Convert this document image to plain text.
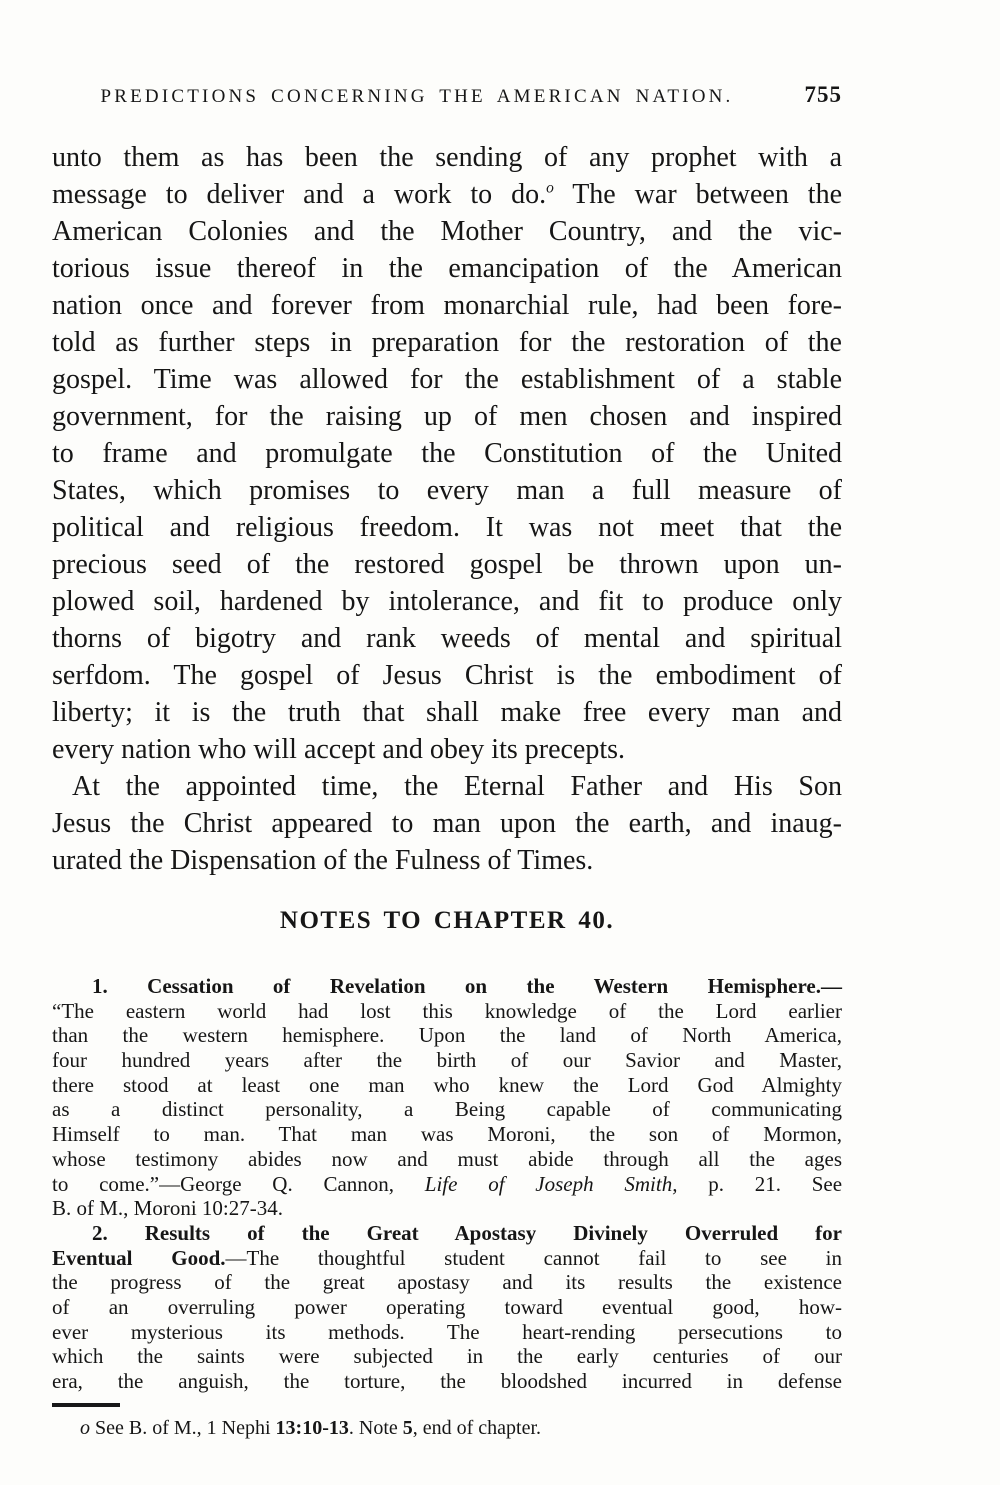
PREDICTIONS CONCERNING THE AMERICAN NATION.	755
unto them as has been the sending of any prophet with a
message to deliver and a work to do.$^o$ The war between the
American Colonies and the Mother Country, and the vic-
torious issue thereof in the emancipation of the American
nation once and forever from monarchial rule, had been fore-
told as further steps in preparation for the restoration of the
gospel. Time was allowed for the establishment of a stable
government, for the raising up of men chosen and inspired
to frame and promulgate the Constitution of the United
States, which promises to every man a full measure of
political and religious freedom. It was not meet that the
precious seed of the restored gospel be thrown upon un-
plowed soil, hardened by intolerance, and fit to produce only
thorns of bigotry and rank weeds of mental and spiritual
serfdom. The gospel of Jesus Christ is the embodiment of
liberty; it is the truth that shall make free every man and
every nation who will accept and obey its precepts.
At the appointed time, the Eternal Father and His Son
Jesus the Christ appeared to man upon the earth, and inaug-
urated the Dispensation of the Fulness of Times.
NOTES TO CHAPTER 40.
1. Cessation of Revelation on the Western Hemisphere.—
“The eastern world had lost this knowledge of the Lord earlier
than the western hemisphere. Upon the land of North America,
four hundred years after the birth of our Savior and Master,
there stood at least one man who knew the Lord God Almighty
as a distinct personality, a Being capable of communicating
Himself to man. That man was Moroni, the son of Mormon,
whose testimony abides now and must abide through all the ages
to come.”—George Q. Cannon, Life of Joseph Smith, p. 21. See
B. of M., Moroni 10:27-34.
2. Results of the Great Apostasy Divinely Overruled for
Eventual Good.—The thoughtful student cannot fail to see in
the progress of the great apostasy and its results the existence
of an overruling power operating toward eventual good, how-
ever mysterious its methods. The heart-rending persecutions to
which the saints were subjected in the early centuries of our
era, the anguish, the torture, the bloodshed incurred in defense
o See B. of M., 1 Nephi 13:10-13. Note 5, end of chapter.
